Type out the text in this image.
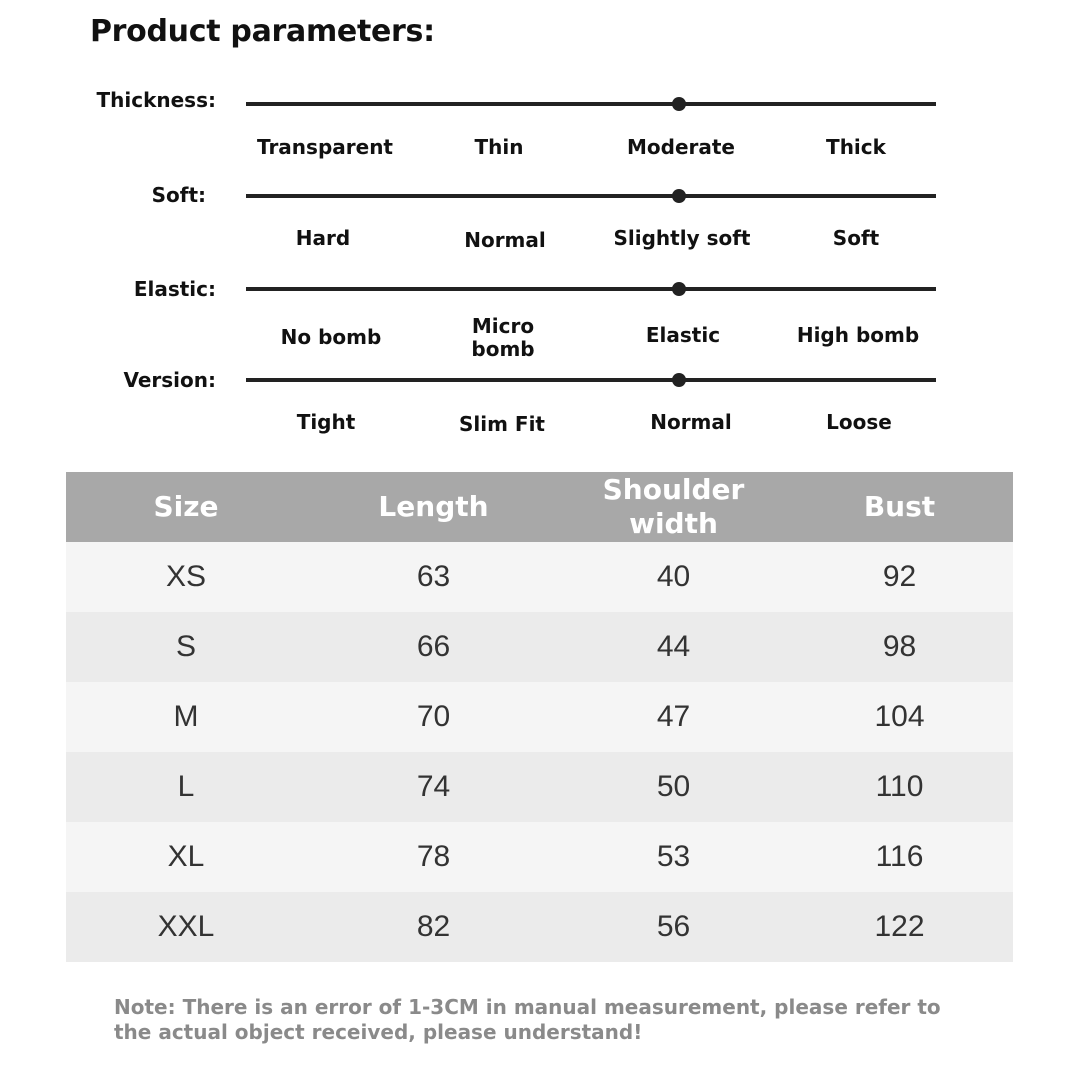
Product parameters:
Thickness:
Transparent	Thin	Moderate	Thick
Soft:
Hard	Normal	Slightly soft	Soft
Elastic:
No bomb	Micro bomb
Elastic	High bomb
Version:
Tight	Slim Fit	Normal	Loose
Size	Length	Shoulder width	Bust
XS	63	40	92
S	66	44	98
M	70	47	104
L	74	50	110
XL	78	53	116
XXL	82	56	122
Note: There is an error of 1-3CM in manual measurement, please refer to the actual object received, please understand!
